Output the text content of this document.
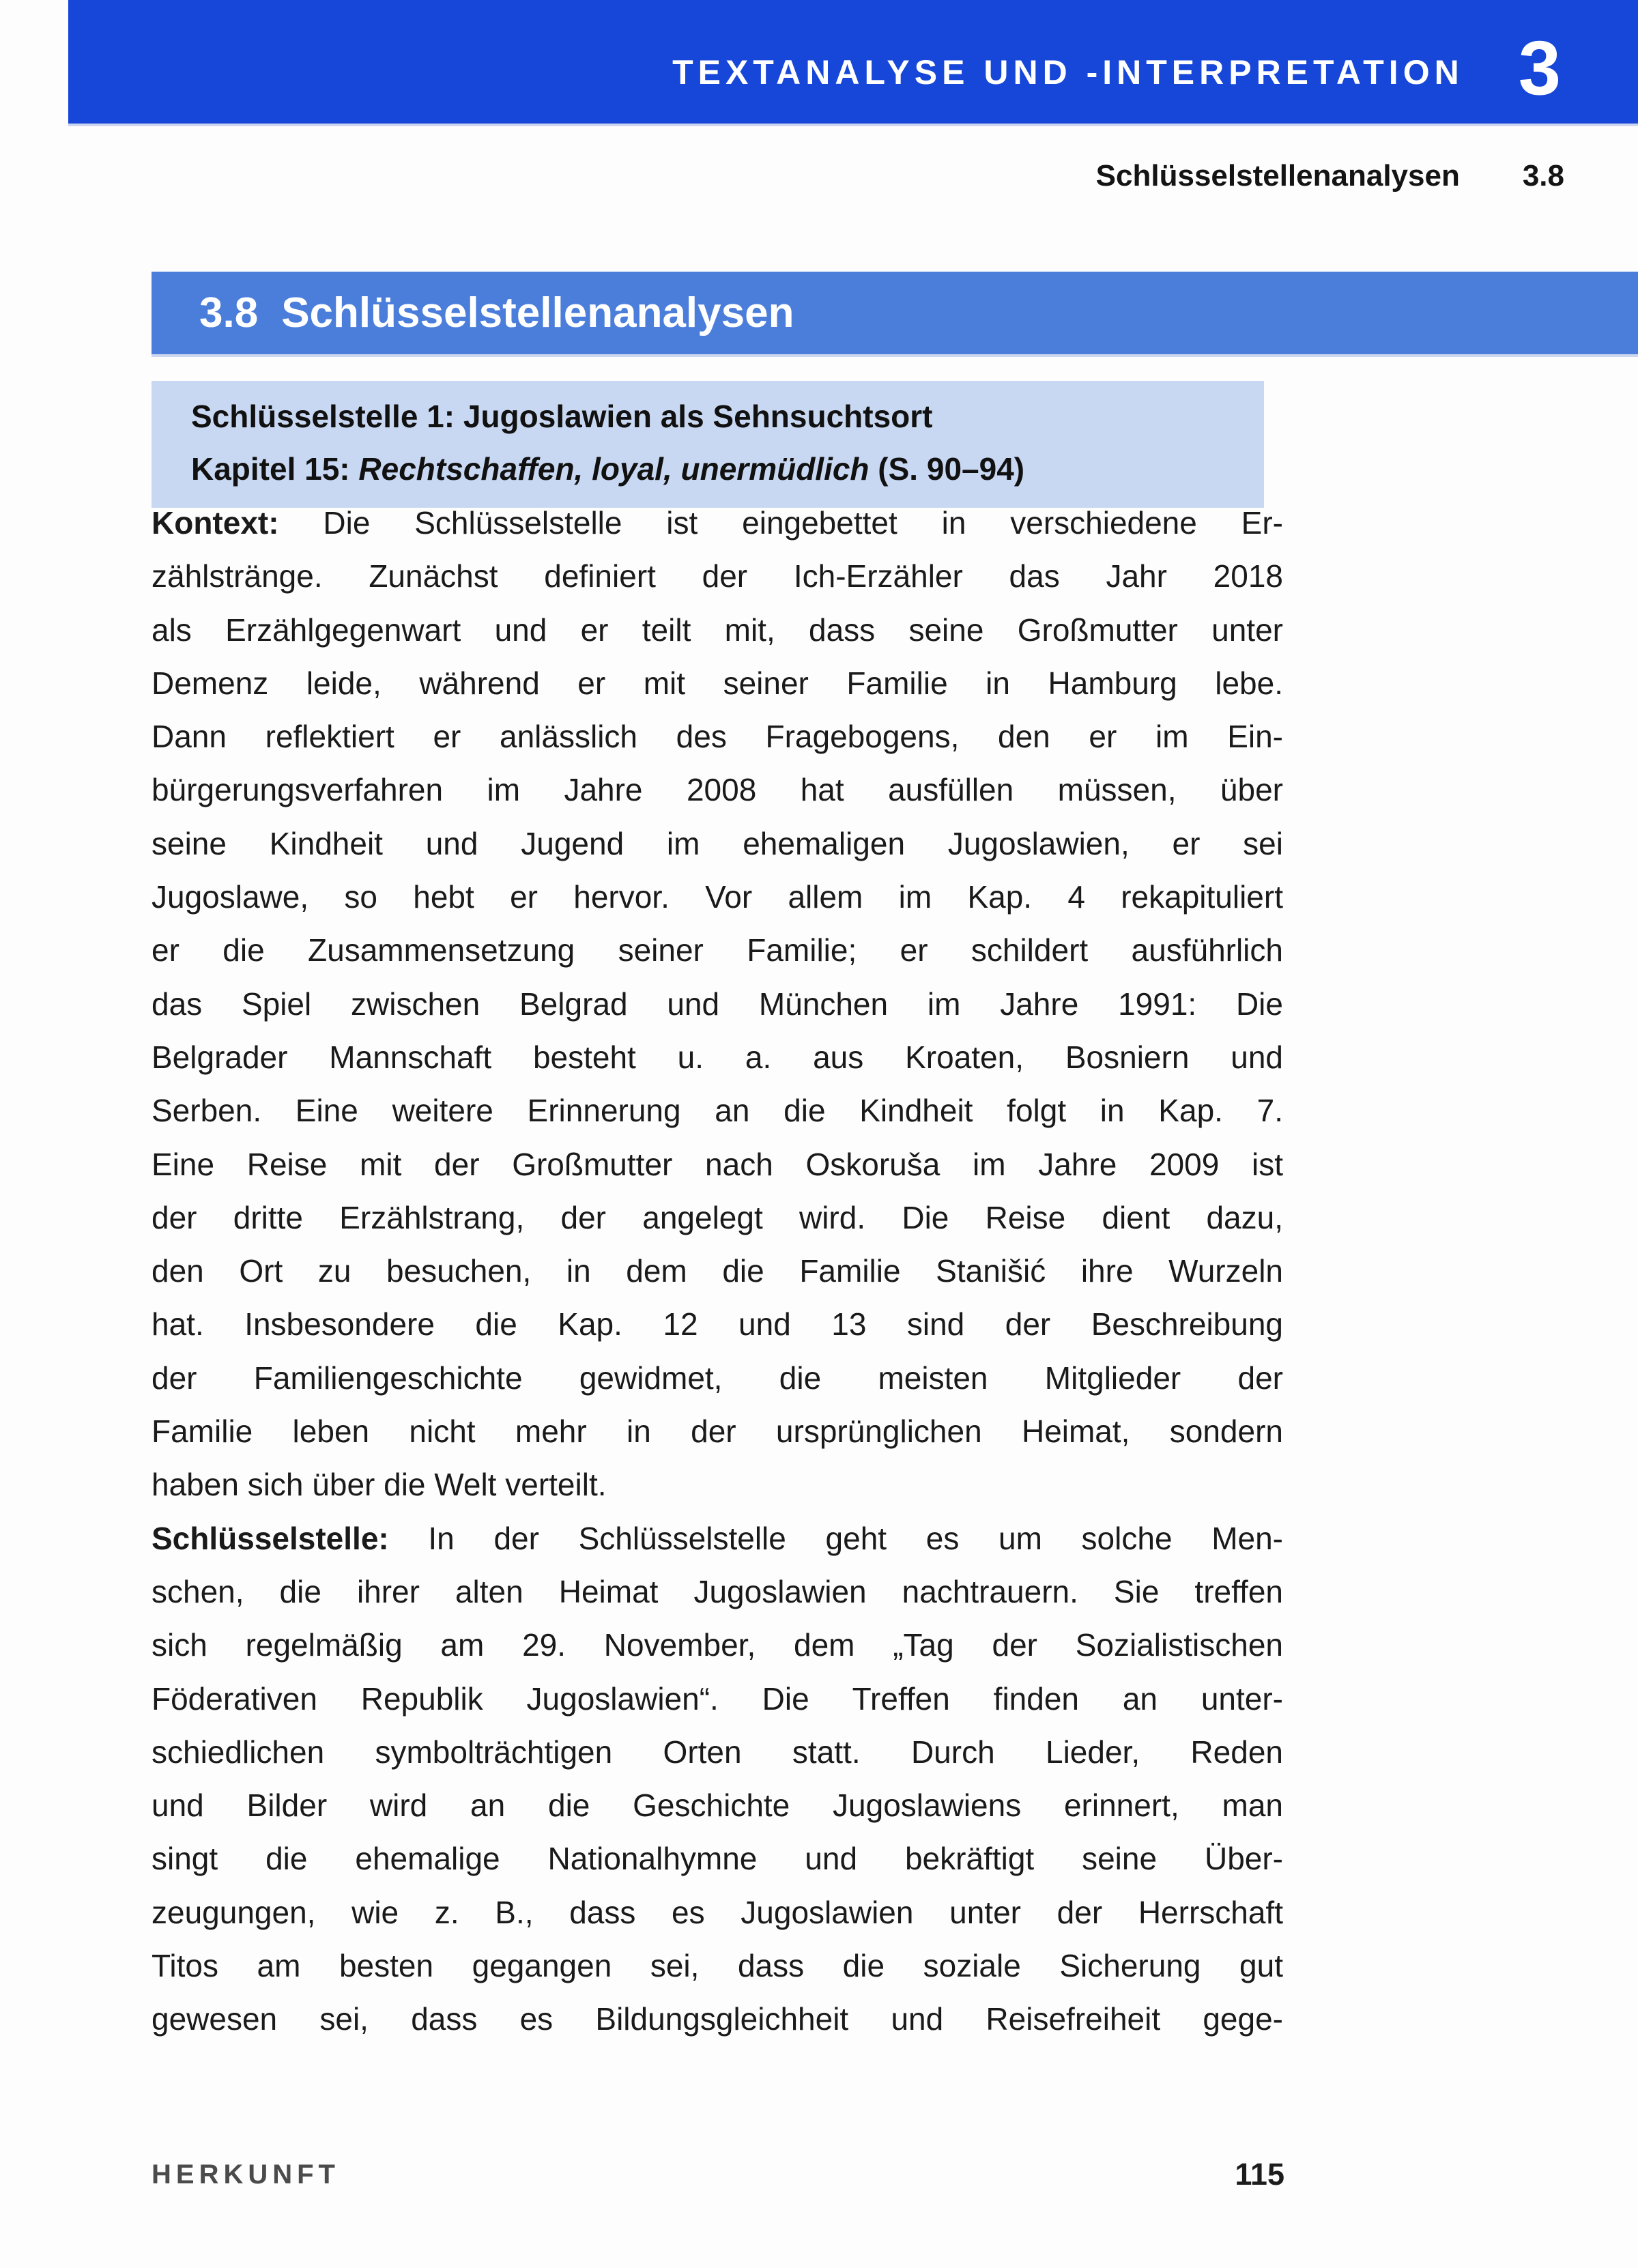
TEXTANALYSE UND -INTERPRETATION 3
Schlüsselstellenanalysen 3.8
3.8 Schlüsselstellenanalysen
Schlüsselstelle 1: Jugoslawien als Sehnsuchtsort
Kapitel 15: Rechtschaffen, loyal, unermüdlich (S. 90–94)
Kontext: Die Schlüsselstelle ist eingebettet in verschiedene Er-
zählstränge. Zunächst definiert der Ich-Erzähler das Jahr 2018
als Erzählgegenwart und er teilt mit, dass seine Großmutter unter
Demenz leide, während er mit seiner Familie in Hamburg lebe.
Dann reflektiert er anlässlich des Fragebogens, den er im Ein-
bürgerungsverfahren im Jahre 2008 hat ausfüllen müssen, über
seine Kindheit und Jugend im ehemaligen Jugoslawien, er sei
Jugoslawe, so hebt er hervor. Vor allem im Kap. 4 rekapituliert
er die Zusammensetzung seiner Familie; er schildert ausführlich
das Spiel zwischen Belgrad und München im Jahre 1991: Die
Belgrader Mannschaft besteht u. a. aus Kroaten, Bosniern und
Serben. Eine weitere Erinnerung an die Kindheit folgt in Kap. 7.
Eine Reise mit der Großmutter nach Oskoruša im Jahre 2009 ist
der dritte Erzählstrang, der angelegt wird. Die Reise dient dazu,
den Ort zu besuchen, in dem die Familie Stanišić ihre Wurzeln
hat. Insbesondere die Kap. 12 und 13 sind der Beschreibung
der Familiengeschichte gewidmet, die meisten Mitglieder der
Familie leben nicht mehr in der ursprünglichen Heimat, sondern
haben sich über die Welt verteilt.
Schlüsselstelle: In der Schlüsselstelle geht es um solche Men-
schen, die ihrer alten Heimat Jugoslawien nachtrauern. Sie treffen
sich regelmäßig am 29. November, dem „Tag der Sozialistischen
Föderativen Republik Jugoslawien“. Die Treffen finden an unter-
schiedlichen symbolträchtigen Orten statt. Durch Lieder, Reden
und Bilder wird an die Geschichte Jugoslawiens erinnert, man
singt die ehemalige Nationalhymne und bekräftigt seine Über-
zeugungen, wie z. B., dass es Jugoslawien unter der Herrschaft
Titos am besten gegangen sei, dass die soziale Sicherung gut
gewesen sei, dass es Bildungsgleichheit und Reisefreiheit gege-
HERKUNFT	115
